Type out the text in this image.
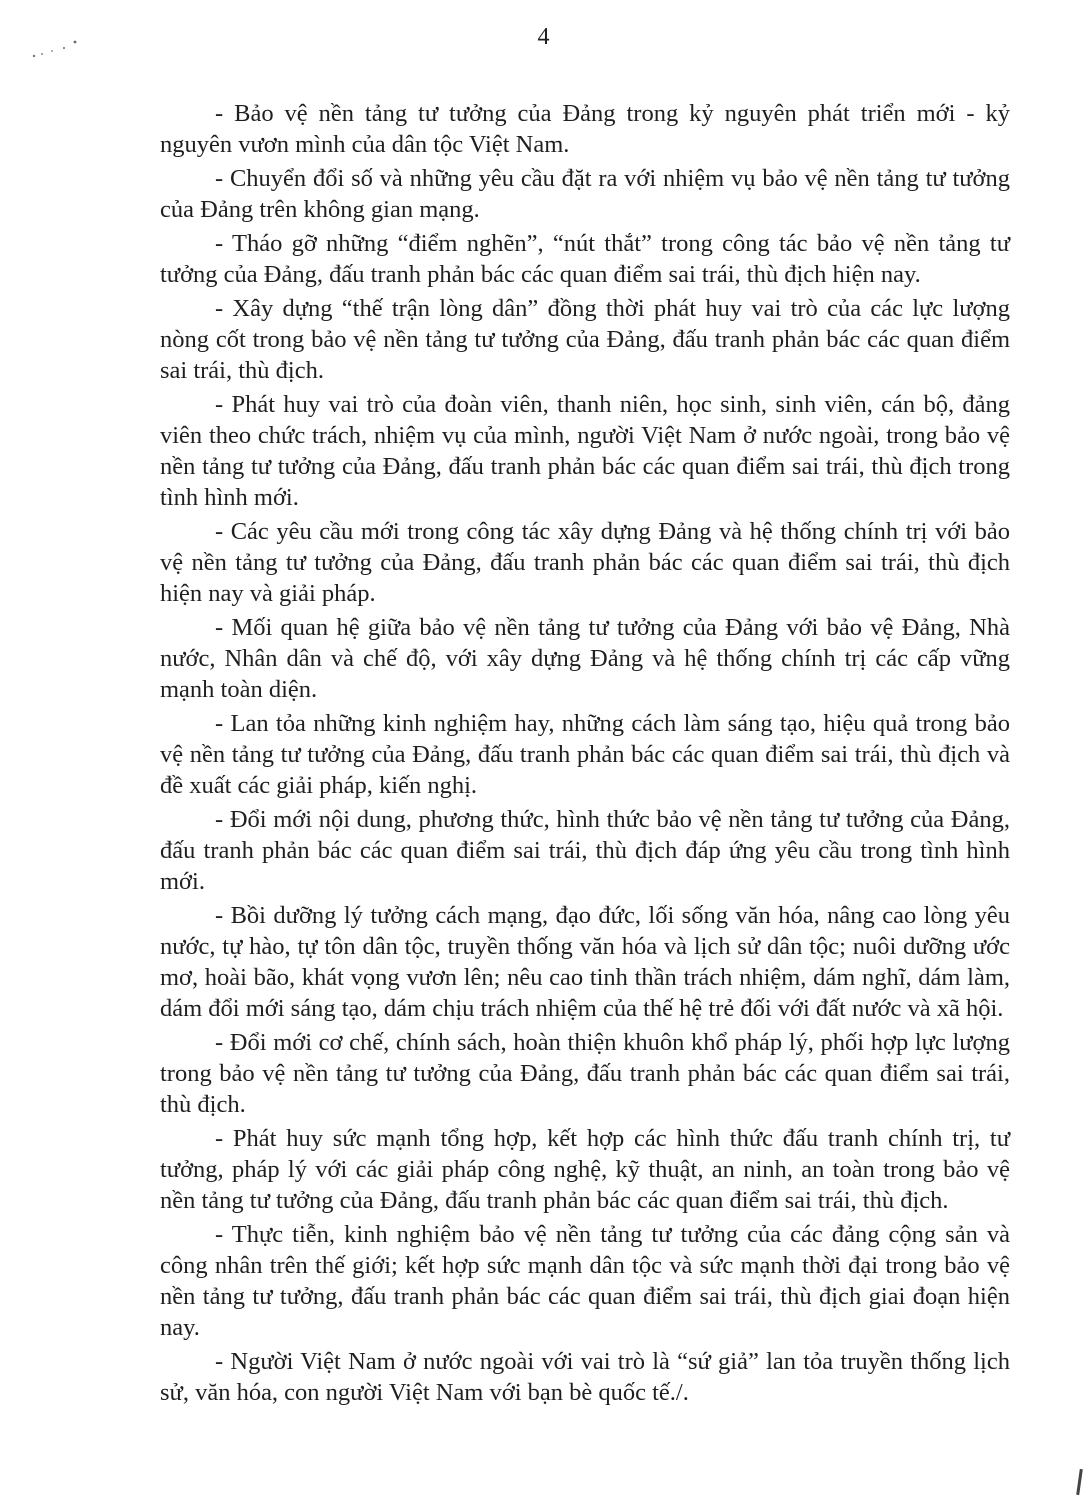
4

- Bảo vệ nền tảng tư tưởng của Đảng trong kỷ nguyên phát triển mới - kỷ nguyên vươn mình của dân tộc Việt Nam.

- Chuyển đổi số và những yêu cầu đặt ra với nhiệm vụ bảo vệ nền tảng tư tưởng của Đảng trên không gian mạng.

- Tháo gỡ những “điểm nghẽn”, “nút thắt” trong công tác bảo vệ nền tảng tư tưởng của Đảng, đấu tranh phản bác các quan điểm sai trái, thù địch hiện nay.

- Xây dựng “thế trận lòng dân” đồng thời phát huy vai trò của các lực lượng nòng cốt trong bảo vệ nền tảng tư tưởng của Đảng, đấu tranh phản bác các quan điểm sai trái, thù địch.

- Phát huy vai trò của đoàn viên, thanh niên, học sinh, sinh viên, cán bộ, đảng viên theo chức trách, nhiệm vụ của mình, người Việt Nam ở nước ngoài, trong bảo vệ nền tảng tư tưởng của Đảng, đấu tranh phản bác các quan điểm sai trái, thù địch trong tình hình mới.

- Các yêu cầu mới trong công tác xây dựng Đảng và hệ thống chính trị với bảo vệ nền tảng tư tưởng của Đảng, đấu tranh phản bác các quan điểm sai trái, thù địch hiện nay và giải pháp.

- Mối quan hệ giữa bảo vệ nền tảng tư tưởng của Đảng với bảo vệ Đảng, Nhà nước, Nhân dân và chế độ, với xây dựng Đảng và hệ thống chính trị các cấp vững mạnh toàn diện.

- Lan tỏa những kinh nghiệm hay, những cách làm sáng tạo, hiệu quả trong bảo vệ nền tảng tư tưởng của Đảng, đấu tranh phản bác các quan điểm sai trái, thù địch và đề xuất các giải pháp, kiến nghị.

- Đổi mới nội dung, phương thức, hình thức bảo vệ nền tảng tư tưởng của Đảng, đấu tranh phản bác các quan điểm sai trái, thù địch đáp ứng yêu cầu trong tình hình mới.

- Bồi dưỡng lý tưởng cách mạng, đạo đức, lối sống văn hóa, nâng cao lòng yêu nước, tự hào, tự tôn dân tộc, truyền thống văn hóa và lịch sử dân tộc; nuôi dưỡng ước mơ, hoài bão, khát vọng vươn lên; nêu cao tinh thần trách nhiệm, dám nghĩ, dám làm, dám đổi mới sáng tạo, dám chịu trách nhiệm của thế hệ trẻ đối với đất nước và xã hội.

- Đổi mới cơ chế, chính sách, hoàn thiện khuôn khổ pháp lý, phối hợp lực lượng trong bảo vệ nền tảng tư tưởng của Đảng, đấu tranh phản bác các quan điểm sai trái, thù địch.

- Phát huy sức mạnh tổng hợp, kết hợp các hình thức đấu tranh chính trị, tư tưởng, pháp lý với các giải pháp công nghệ, kỹ thuật, an ninh, an toàn trong bảo vệ nền tảng tư tưởng của Đảng, đấu tranh phản bác các quan điểm sai trái, thù địch.

- Thực tiễn, kinh nghiệm bảo vệ nền tảng tư tưởng của các đảng cộng sản và công nhân trên thế giới; kết hợp sức mạnh dân tộc và sức mạnh thời đại trong bảo vệ nền tảng tư tưởng, đấu tranh phản bác các quan điểm sai trái, thù địch giai đoạn hiện nay.

- Người Việt Nam ở nước ngoài với vai trò là “sứ giả” lan tỏa truyền thống lịch sử, văn hóa, con người Việt Nam với bạn bè quốc tế./.
